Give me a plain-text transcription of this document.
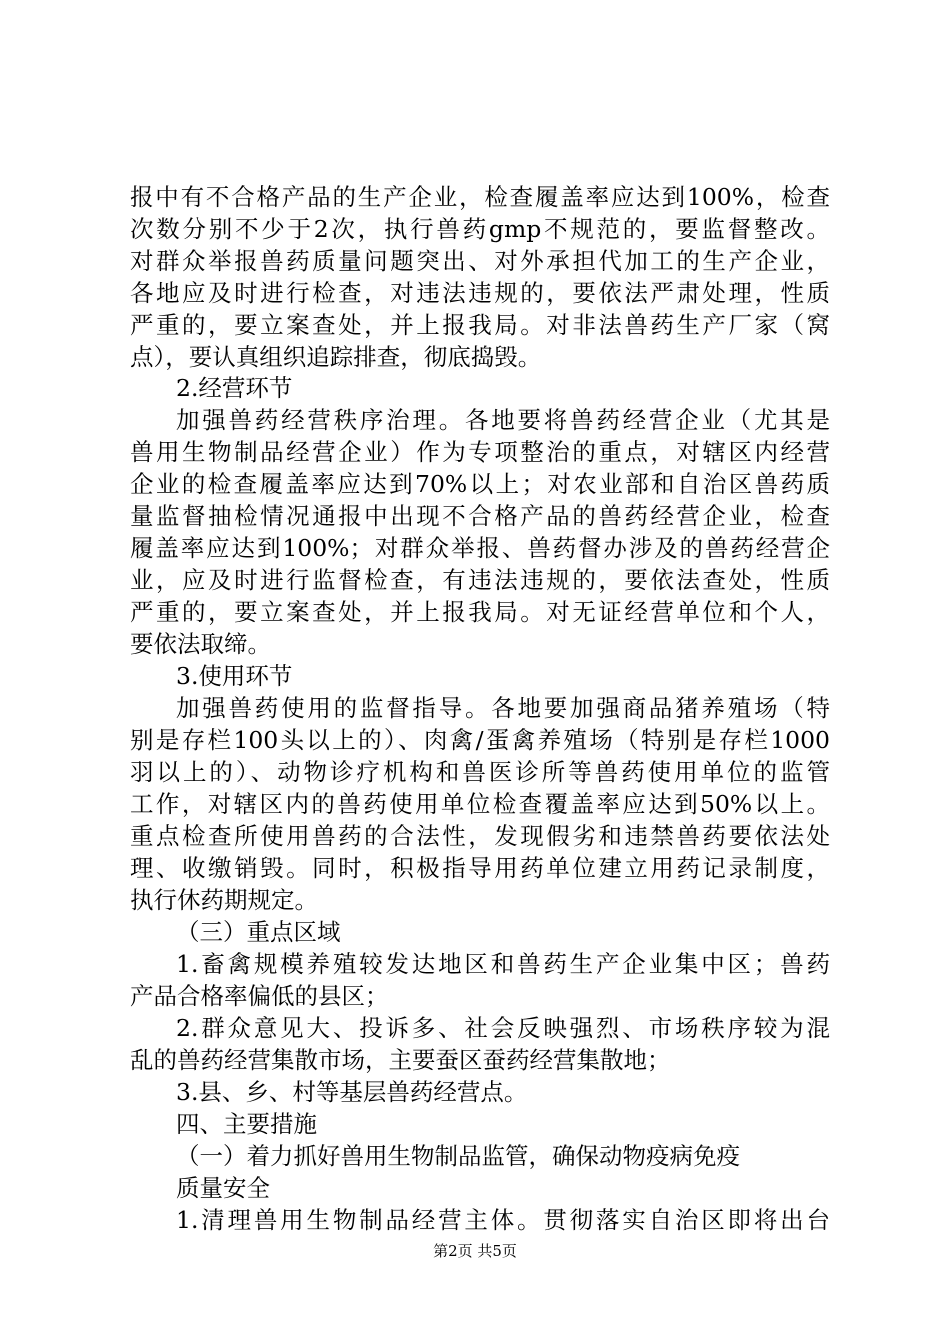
报中有不合格产品的生产企业，检查履盖率应达到100%，检查
次数分别不少于2次，执行兽药gmp不规范的，要监督整改。
对群众举报兽药质量问题突出、对外承担代加工的生产企业，
各地应及时进行检查，对违法违规的，要依法严肃处理，性质
严重的，要立案查处，并上报我局。对非法兽药生产厂家（窝
点），要认真组织追踪排查，彻底捣毁。
2.经营环节
加强兽药经营秩序治理。各地要将兽药经营企业（尤其是
兽用生物制品经营企业）作为专项整治的重点，对辖区内经营
企业的检查履盖率应达到70%以上；对农业部和自治区兽药质
量监督抽检情况通报中出现不合格产品的兽药经营企业，检查
履盖率应达到100%；对群众举报、兽药督办涉及的兽药经营企
业，应及时进行监督检查，有违法违规的，要依法查处，性质
严重的，要立案查处，并上报我局。对无证经营单位和个人，
要依法取缔。
3.使用环节
加强兽药使用的监督指导。各地要加强商品猪养殖场（特
别是存栏100头以上的）、肉禽/蛋禽养殖场（特别是存栏1000
羽以上的）、动物诊疗机构和兽医诊所等兽药使用单位的监管
工作，对辖区内的兽药使用单位检查覆盖率应达到50%以上。
重点检查所使用兽药的合法性，发现假劣和违禁兽药要依法处
理、收缴销毁。同时，积极指导用药单位建立用药记录制度，
执行休药期规定。
（三）重点区域
1.畜禽规模养殖较发达地区和兽药生产企业集中区；兽药
产品合格率偏低的县区；
2.群众意见大、投诉多、社会反映强烈、市场秩序较为混
乱的兽药经营集散市场，主要蚕区蚕药经营集散地；
3.县、乡、村等基层兽药经营点。
四、主要措施
（一）着力抓好兽用生物制品监管，确保动物疫病免疫
质量安全
1.清理兽用生物制品经营主体。贯彻落实自治区即将出台
第2页 共5页
